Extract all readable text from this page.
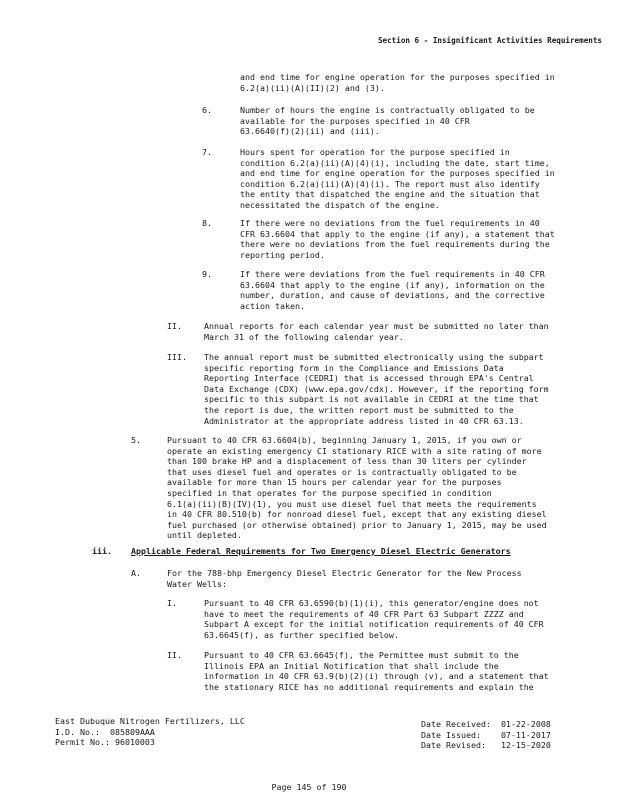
Section 6 - Insignificant Activities Requirements

and end time for engine operation for the purposes specified in

6.2(a)(ii)(A)(II)(2) and (3).

6.	Number of hours the engine is contractually obligated to be

available for the purposes specified in 40 CFR

63.6640(f)(2)(ii) and (iii).

7.	Hours spent for operation for the purpose specified in

condition 6.2(a)(ii)(A)(4)(i), including the date, start time,

and end time for engine operation for the purposes specified in

condition 6.2(a)(ii)(A)(4)(i). The report must also identify

the entity that dispatched the engine and the situation that

necessitated the dispatch of the engine.

8.	If there were no deviations from the fuel requirements in 40

CFR 63.6604 that apply to the engine (if any), a statement that

there were no deviations from the fuel requirements during the

reporting period.

9.	If there were deviations from the fuel requirements in 40 CFR

63.6604 that apply to the engine (if any), information on the

number, duration, and cause of deviations, and the corrective

action taken.

II.	Annual reports for each calendar year must be submitted no later than

March 31 of the following calendar year.

III. The annual report must be submitted electronically using the subpart

specific reporting form in the Compliance and Emissions Data

Reporting Interface (CEDRI) that is accessed through EPA's Central

Data Exchange (CDX) (www.epa.gov/cdx). However, if the reporting form

specific to this subpart is not available in CEDRI at the time that

the report is due, the written report must be submitted to the

Administrator at the appropriate address listed in 40 CFR 63.13.

5.	Pursuant to 40 CFR 63.6604(b), beginning January 1, 2015, if you own or

operate an existing emergency CI stationary RICE with a site rating of more

than 100 brake HP and a displacement of less than 30 liters per cylinder

that uses diesel fuel and operates or is contractually obligated to be

available for more than 15 hours per calendar year for the purposes

specified in that operates for the purpose specified in condition

6.1(a)(ii)(B)(IV)(1), you must use diesel fuel that meets the requirements

in 40 CFR 80.510(b) for nonroad diesel fuel, except that any existing diesel

fuel purchased (or otherwise obtained) prior to January 1, 2015, may be used

until depleted.

iii. Applicable Federal Requirements for Two Emergency Diesel Electric Generators

A.	For the 788-bhp Emergency Diesel Electric Generator for the New Process

Water Wells:

I.	Pursuant to 40 CFR 63.6590(b)(1)(i), this generator/engine does not

have to meet the requirements of 40 CFR Part 63 Subpart ZZZZ and

Subpart A except for the initial notification requirements of 40 CFR

63.6645(f), as further specified below.

II.	Pursuant to 40 CFR 63.6645(f), the Permittee must submit to the

Illinois EPA an Initial Notification that shall include the

information in 40 CFR 63.9(b)(2)(i) through (v), and a statement that

the stationary RICE has no additional requirements and explain the

East Dubuque Nitrogen Fertilizers, LLC
I.D. No.: 085809AAA
Permit No.: 96010003
Date Received: 01-22-2008
Date Issued: 07-11-2017
Date Revised: 12-15-2020
Page 145 of 190
